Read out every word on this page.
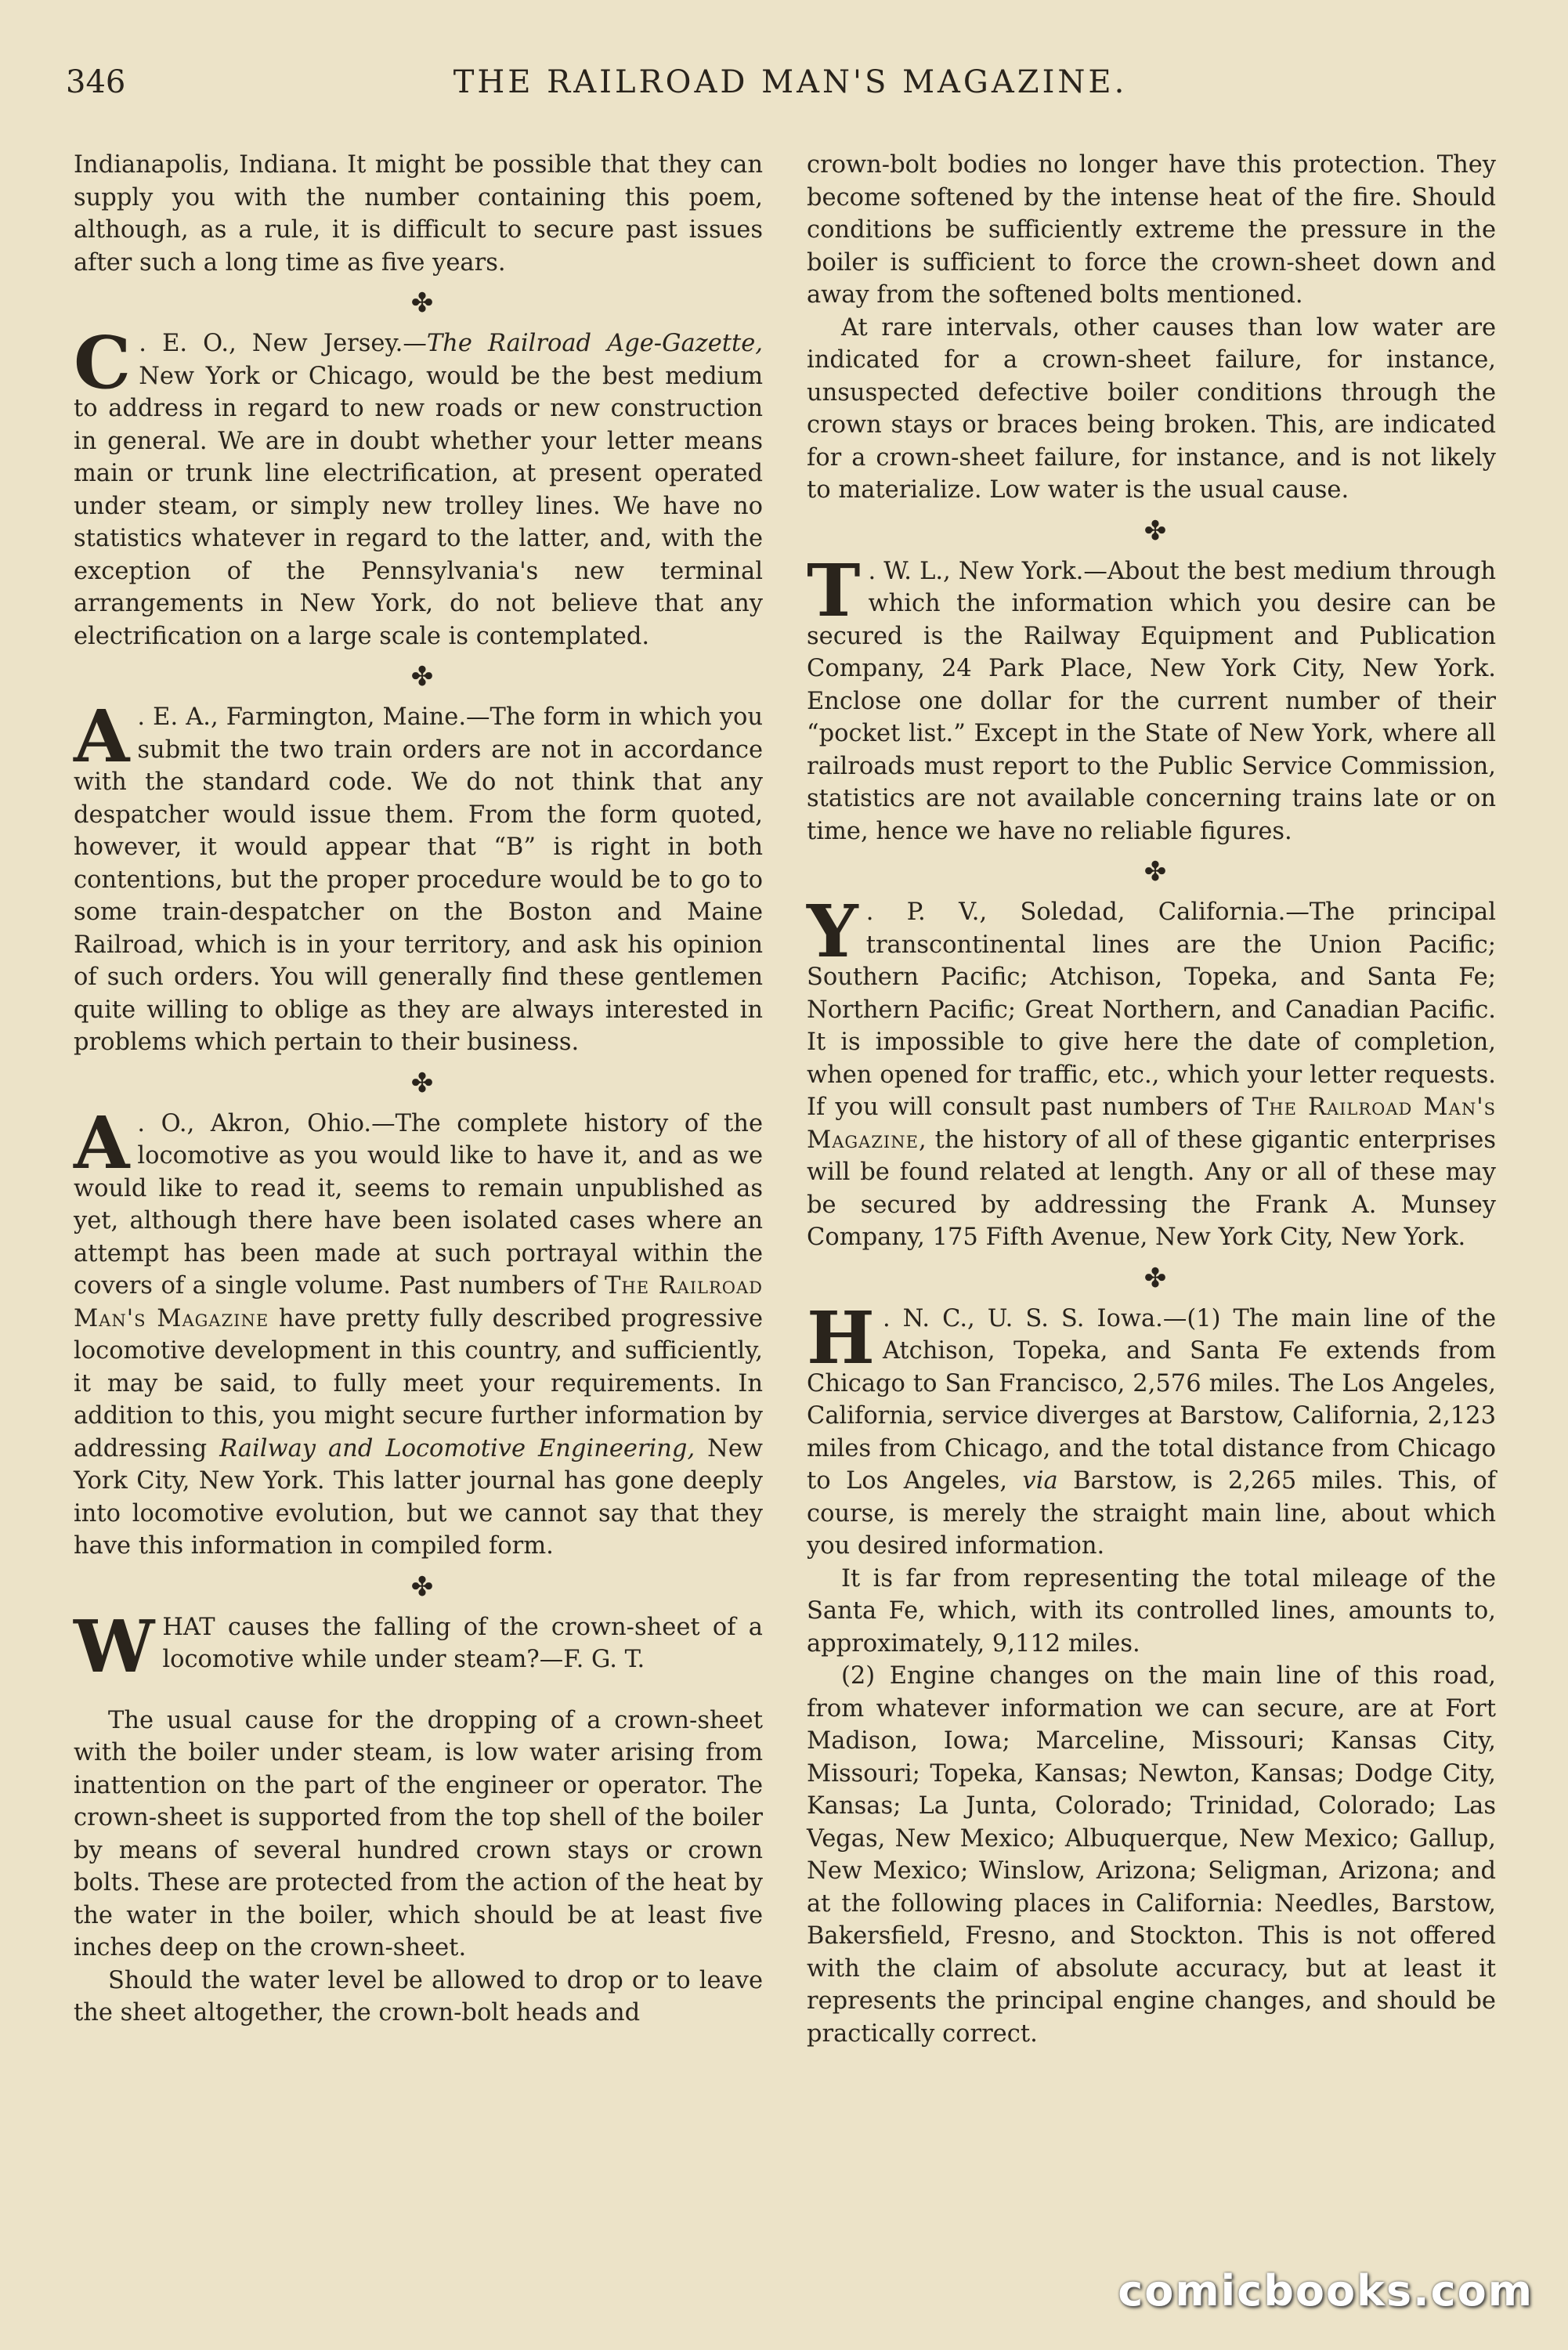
346	THE RAILROAD MAN'S MAGAZINE.

Indianapolis, Indiana. It might be possible that they can supply you with the number containing this poem, although, as a rule, it is difficult to secure past issues after such a long time as five years.

✤

C . E. O., New Jersey.—The Railroad Age-Gazette, New York or Chicago, would be the best medium to address in regard to new roads or new construction in general. We are in doubt whether your letter means main or trunk line electrification, at present operated under steam, or simply new trolley lines. We have no statistics whatever in regard to the latter, and, with the exception of the Pennsylvania's new terminal arrangements in New York, do not believe that any electrification on a large scale is contemplated.

✤

A . E. A., Farmington, Maine.—The form in which you submit the two train orders are not in accordance with the standard code. We do not think that any despatcher would issue them. From the form quoted, however, it would appear that “B” is right in both contentions, but the proper procedure would be to go to some train-despatcher on the Boston and Maine Railroad, which is in your territory, and ask his opinion of such orders. You will generally find these gentlemen quite willing to oblige as they are always interested in problems which pertain to their business.

✤

A . O., Akron, Ohio.—The complete history of the locomotive as you would like to have it, and as we would like to read it, seems to remain unpublished as yet, although there have been isolated cases where an attempt has been made at such portrayal within the covers of a single volume. Past numbers of The Railroad Man's Magazine have pretty fully described progressive locomotive development in this country, and sufficiently, it may be said, to fully meet your requirements. In addition to this, you might secure further information by addressing Railway and Locomotive Engineering, New York City, New York. This latter journal has gone deeply into locomotive evolution, but we cannot say that they have this information in compiled form.

✤

WHAT causes the falling of the crown-sheet of a locomotive while under steam?—F. G. T.

The usual cause for the dropping of a crown-sheet with the boiler under steam, is low water arising from inattention on the part of the engineer or operator. The crown-sheet is supported from the top shell of the boiler by means of several hundred crown stays or crown bolts. These are protected from the action of the heat by the water in the boiler, which should be at least five inches deep on the crown-sheet.

Should the water level be allowed to drop or to leave the sheet altogether, the crown-bolt heads and

crown-bolt bodies no longer have this protection. They become softened by the intense heat of the fire. Should conditions be sufficiently extreme the pressure in the boiler is sufficient to force the crown-sheet down and away from the softened bolts mentioned.

At rare intervals, other causes than low water are indicated for a crown-sheet failure, for instance, unsuspected defective boiler conditions through the crown stays or braces being broken. This, are indicated for a crown-sheet failure, for instance, and is not likely to materialize. Low water is the usual cause.

✤

T . W. L., New York.—About the best medium through which the information which you desire can be secured is the Railway Equipment and Publication Company, 24 Park Place, New York City, New York. Enclose one dollar for the current number of their “pocket list.” Except in the State of New York, where all railroads must report to the Public Service Commission, statistics are not available concerning trains late or on time, hence we have no reliable figures.

✤

Y . P. V., Soledad, California.—The principal transcontinental lines are the Union Pacific; Southern Pacific; Atchison, Topeka, and Santa Fe; Northern Pacific; Great Northern, and Canadian Pacific. It is impossible to give here the date of completion, when opened for traffic, etc., which your letter requests. If you will consult past numbers of The Railroad Man's Magazine, the history of all of these gigantic enterprises will be found related at length. Any or all of these may be secured by addressing the Frank A. Munsey Company, 175 Fifth Avenue, New York City, New York.

✤

H . N. C., U. S. S. Iowa.—(1) The main line of the Atchison, Topeka, and Santa Fe extends from Chicago to San Francisco, 2,576 miles. The Los Angeles, California, service diverges at Barstow, California, 2,123 miles from Chicago, and the total distance from Chicago to Los Angeles, via Barstow, is 2,265 miles. This, of course, is merely the straight main line, about which you desired information.

It is far from representing the total mileage of the Santa Fe, which, with its controlled lines, amounts to, approximately, 9,112 miles.

(2) Engine changes on the main line of this road, from whatever information we can secure, are at Fort Madison, Iowa; Marceline, Missouri; Kansas City, Missouri; Topeka, Kansas; Newton, Kansas; Dodge City, Kansas; La Junta, Colorado; Trinidad, Colorado; Las Vegas, New Mexico; Albuquerque, New Mexico; Gallup, New Mexico; Winslow, Arizona; Seligman, Arizona; and at the following places in California: Needles, Barstow, Bakersfield, Fresno, and Stockton. This is not offered with the claim of absolute accuracy, but at least it represents the principal engine changes, and should be practically correct.

comicbooks.com
